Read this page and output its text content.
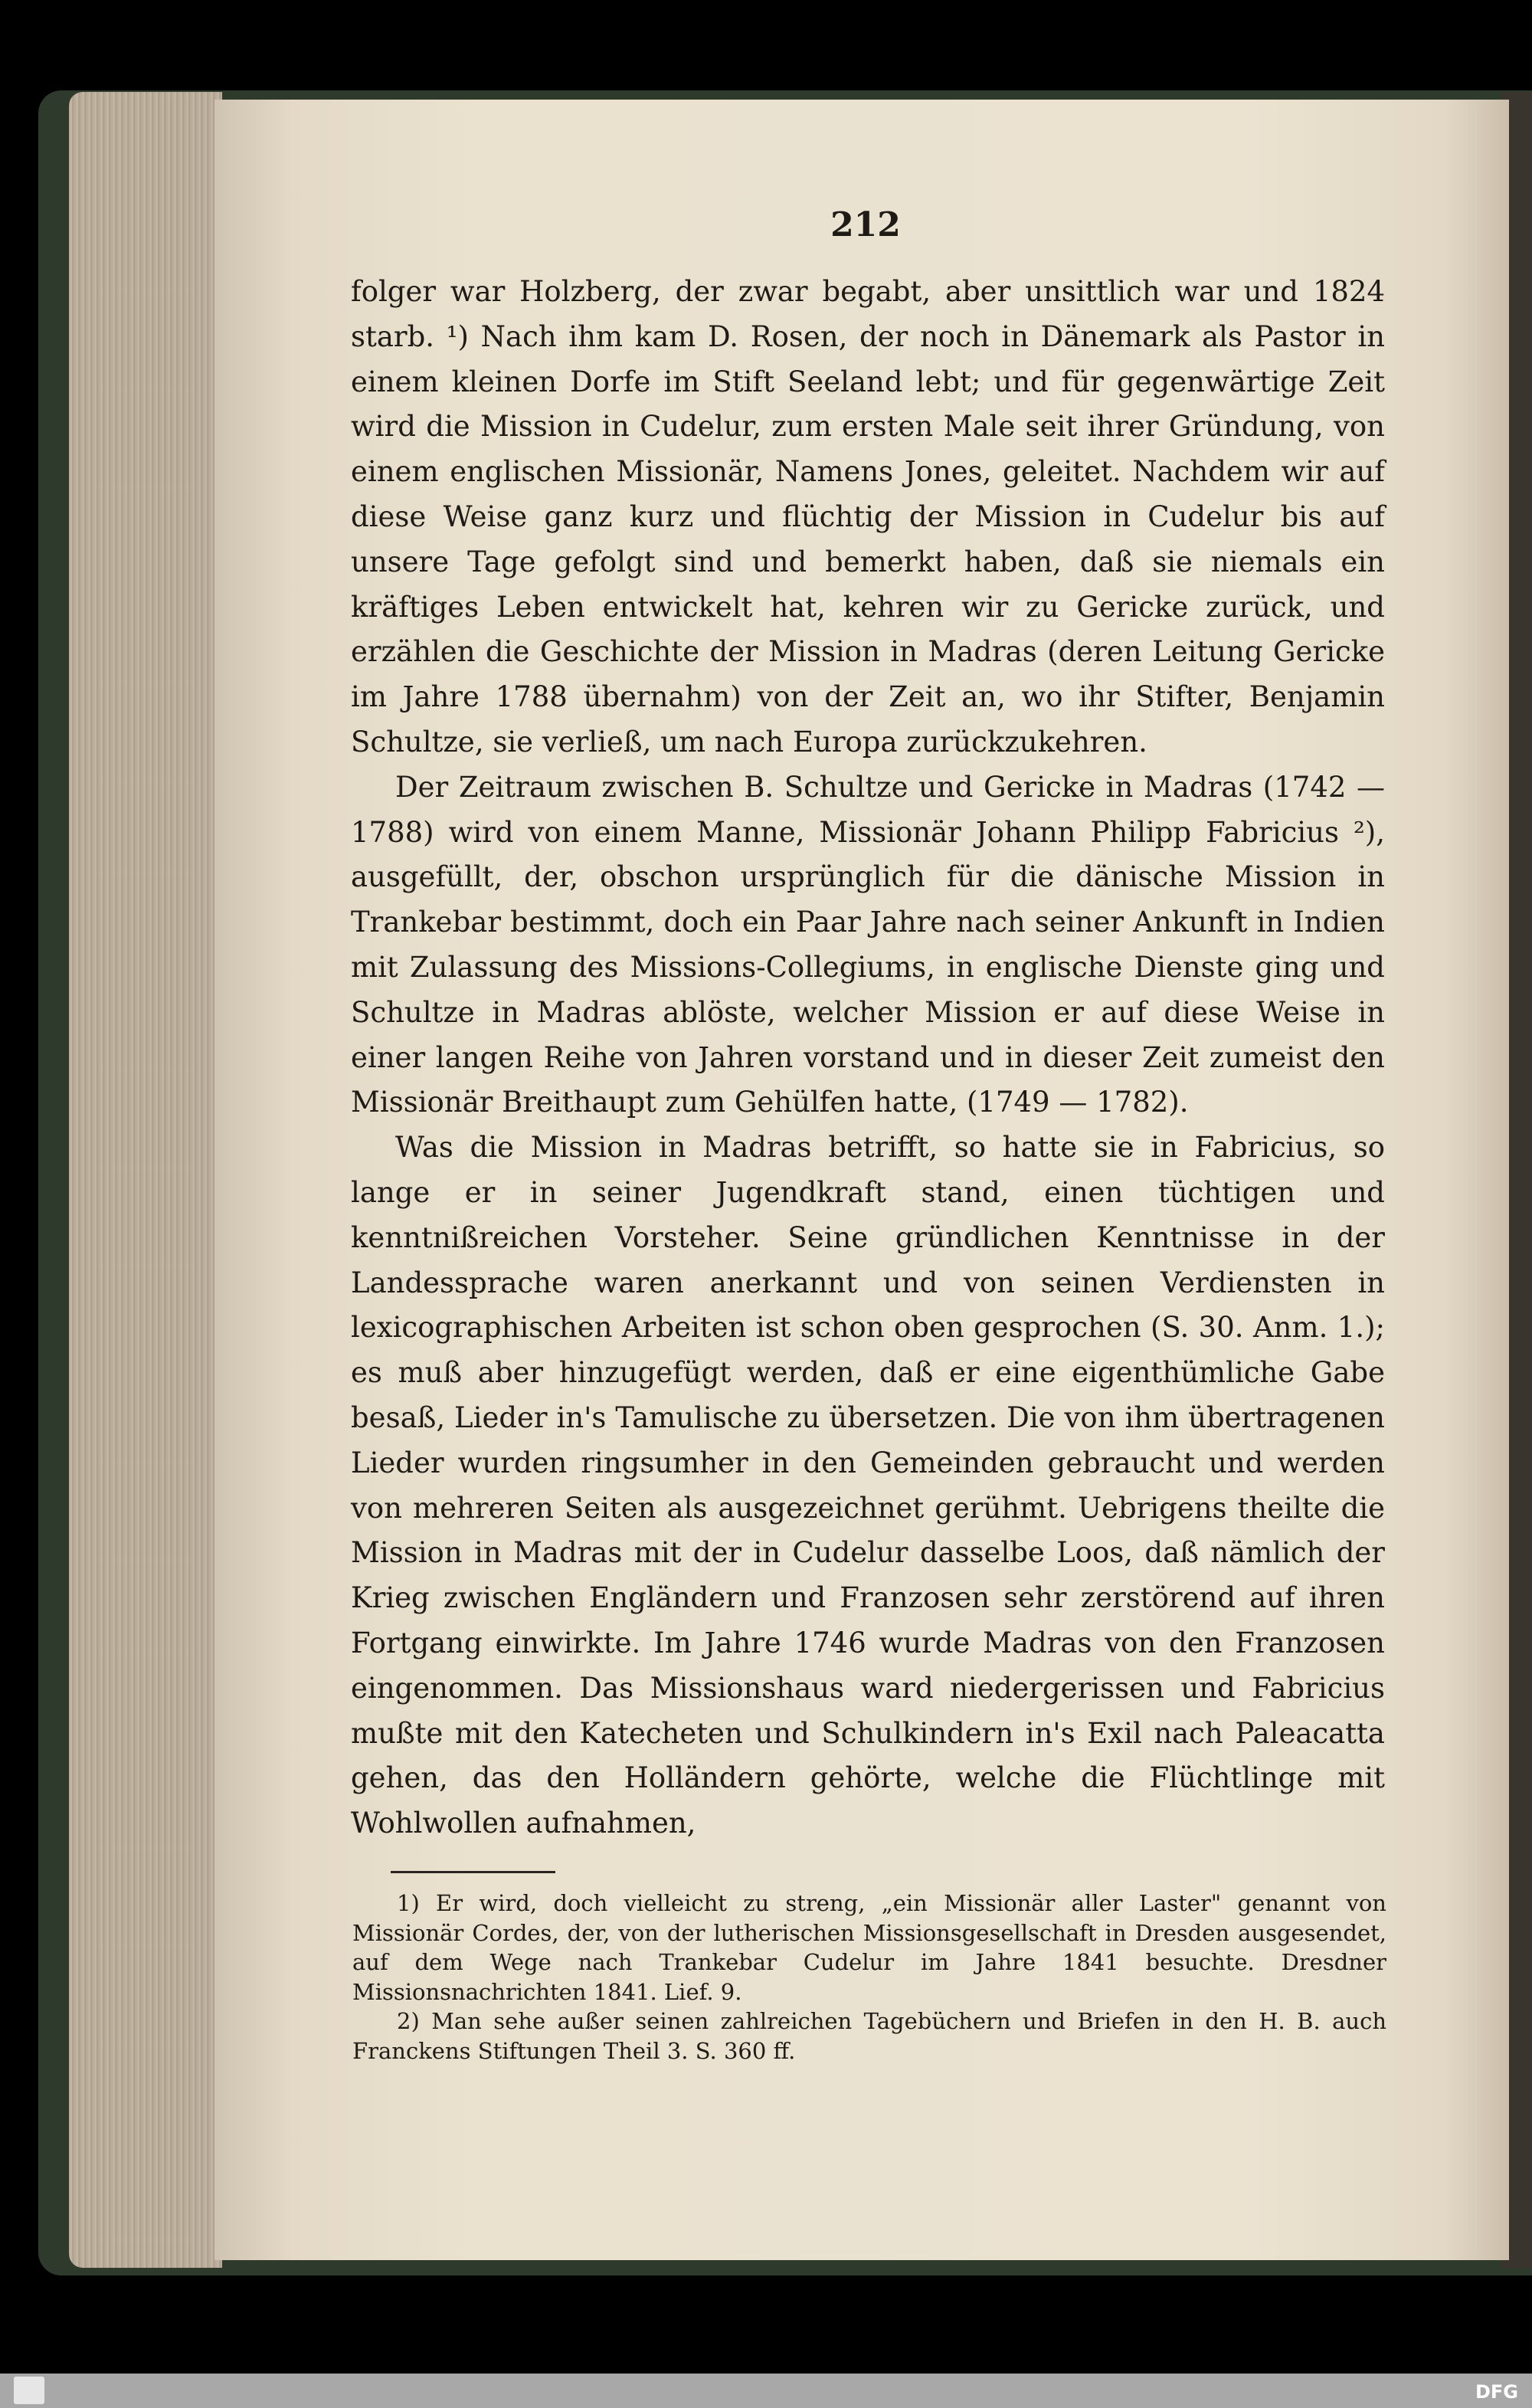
212

folger war Holzberg, der zwar begabt, aber unsittlich war und 1824 starb. ¹) Nach ihm kam D. Rosen, der noch in Dänemark als Pastor in einem kleinen Dorfe im Stift Seeland lebt; und für gegenwärtige Zeit wird die Mission in Cudelur, zum ersten Male seit ihrer Gründung, von einem englischen Missionär, Namens Jones, geleitet. Nachdem wir auf diese Weise ganz kurz und flüchtig der Mission in Cudelur bis auf unsere Tage gefolgt sind und bemerkt haben, daß sie niemals ein kräftiges Leben entwickelt hat, kehren wir zu Gericke zurück, und erzählen die Geschichte der Mission in Madras (deren Leitung Gericke im Jahre 1788 übernahm) von der Zeit an, wo ihr Stifter, Benjamin Schultze, sie verließ, um nach Europa zurückzukehren.

Der Zeitraum zwischen B. Schultze und Gericke in Madras (1742 — 1788) wird von einem Manne, Missionär Johann Philipp Fabricius ²), ausgefüllt, der, obschon ursprünglich für die dänische Mission in Trankebar bestimmt, doch ein Paar Jahre nach seiner Ankunft in Indien mit Zulassung des Missions-Collegiums, in englische Dienste ging und Schultze in Madras ablöste, welcher Mission er auf diese Weise in einer langen Reihe von Jahren vorstand und in dieser Zeit zumeist den Missionär Breithaupt zum Gehülfen hatte, (1749 — 1782).

Was die Mission in Madras betrifft, so hatte sie in Fabricius, so lange er in seiner Jugendkraft stand, einen tüchtigen und kenntnißreichen Vorsteher. Seine gründlichen Kenntnisse in der Landessprache waren anerkannt und von seinen Verdiensten in lexicographischen Arbeiten ist schon oben gesprochen (S. 30. Anm. 1.); es muß aber hinzugefügt werden, daß er eine eigenthümliche Gabe besaß, Lieder in's Tamulische zu übersetzen. Die von ihm übertragenen Lieder wurden ringsumher in den Gemeinden gebraucht und werden von mehreren Seiten als ausgezeichnet gerühmt. Uebrigens theilte die Mission in Madras mit der in Cudelur dasselbe Loos, daß nämlich der Krieg zwischen Engländern und Franzosen sehr zerstörend auf ihren Fortgang einwirkte. Im Jahre 1746 wurde Madras von den Franzosen eingenommen. Das Missionshaus ward niedergerissen und Fabricius mußte mit den Katecheten und Schulkindern in's Exil nach Paleacatta gehen, das den Holländern gehörte, welche die Flüchtlinge mit Wohlwollen aufnahmen,

1) Er wird, doch vielleicht zu streng, „ein Missionär aller Laster" genannt von Missionär Cordes, der, von der lutherischen Missionsgesellschaft in Dresden ausgesendet, auf dem Wege nach Trankebar Cudelur im Jahre 1841 besuchte. Dresdner Missionsnachrichten 1841. Lief. 9.

2) Man sehe außer seinen zahlreichen Tagebüchern und Briefen in den H. B. auch Franckens Stiftungen Theil 3. S. 360 ff.

DFG
